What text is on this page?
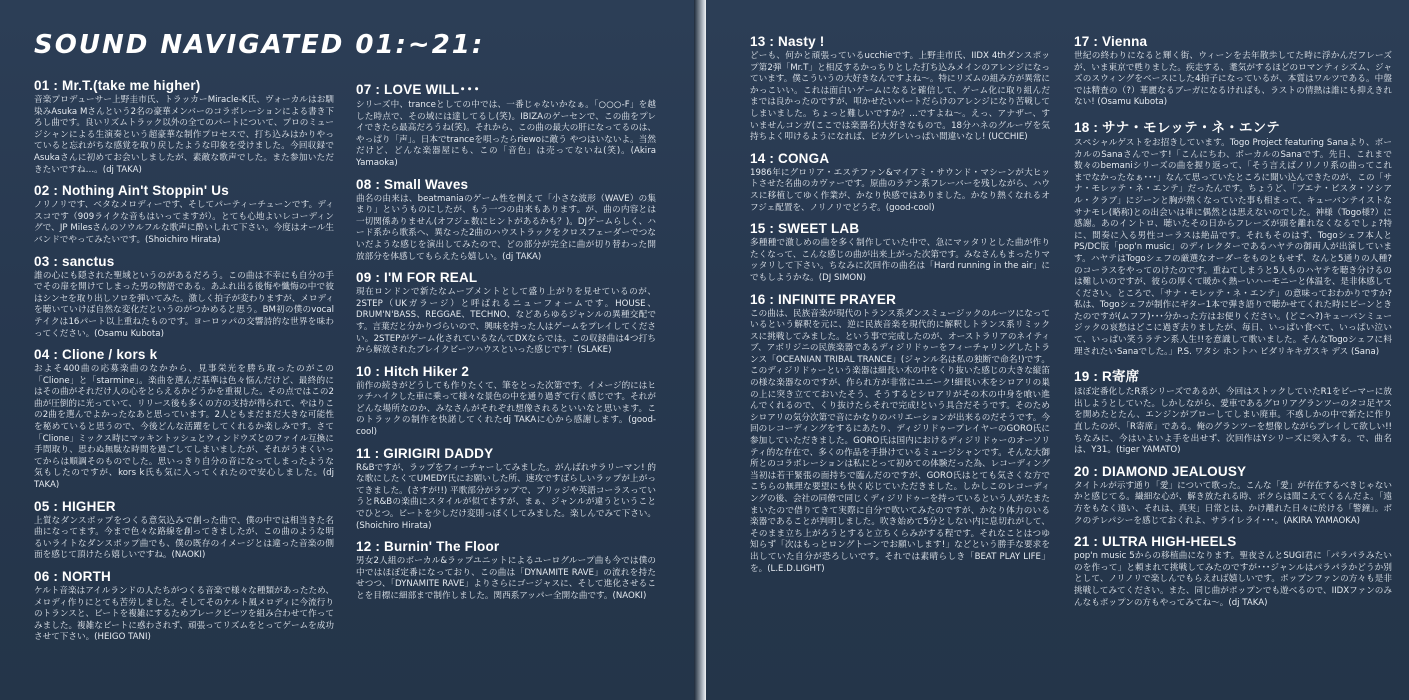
SOUND NAVIGATED 01:~21:
01 : Mr.T.(take me higher)

音楽プロデューサー上野圭市氏、トラッカーMiracle-K氏、ヴォーカルはお馴染みAsuka Mさんという2名の豪華メンバーのコラボレーションによる書き下ろし曲です。良いリズムトラック以外の全てのパートについて、プロのミュージシャンによる生演奏という超豪華な制作プロセスで、打ち込みはかりやっていると忘れがちな感覚を取り戻したような印象を受けました。今回収録でAsukaさんに初めてお会いしましたが、素敵な歌声でした。また参加いただきたいですね…。(dj TAKA)

02 : Nothing Ain't Stoppin' Us

ノリノリです、ベタなメロディーです、そしてパーティーチューンです。ディスコです（909ライクな音もはいってますが）。とても心地よいレコーディングで、JP Milesさんのソウルフルな歌声に酔いしれて下さい。今度はオール生バンドでやってみたいです。(Shoichiro Hirata)

03 : sanctus

誰の心にも隠された聖域というのがあるだろう。この曲は不幸にも自分の手でその扉を開けてしまった男の物語である。あふれ出る後悔や懺悔の中で彼はシンセを取り出しソロを弾いてみた。激しく拍子が変わりますが、メロディを聴いていけば自然な変化だというのがつかめると思う。BM初の僕のvocalテイクは16パート以上重ねたものです。ヨーロッパの交響詩的な世界を味わってください。(Osamu Kubota)

04 : Clione / kors k

およそ400曲の応募楽曲のなかから、見事栄光を勝ち取ったのがこの「Clione」と「starmine」。楽曲を選んだ基準は色々悩んだけど、最終的にはその曲がそれだけ人の心をとらえるかどうかを重視した。その点ではこの2曲が圧倒的に光っていて、リリース後も多くの方の支持が得られて、やはりこの2曲を選んでよかったなあと思っています。2人ともまだまだ大きな可能性を秘めていると思うので、今後どんな活躍をしてくれるか楽しみです。さて「Clione」ミックス時にマッキントッシュとウィンドウズとのファイル互換に手間取り、思わぬ無駄な時間を過ごしてしまいましたが、それがうまくいってからは順調そのものでした。思いっきり自分の音になってしまったような気もしたのですが、kors k氏も気に入ってくれたので安心しました。(dj TAKA)

05 : HIGHER

上質なダンスポップをつくる意気込みで創った曲で、僕の中では相当きた名曲になってます。今まで色々な路線を創ってきましたが、この曲のような明るいライトなダンスポップ曲でも、僕の既存のイメージとは違った音楽の側面を感じて頂けたら嬉しいですね。(NAOKI)

06 : NORTH

ケルト音楽はアイルランドの人たちがつくる音楽で様々な種類があったため、メロディ作りにとても苦労しました。そしてそのケルト風メロディに今流行りのトランスと、ビートを複雑にするためブレークビーツを組み合わせて作ってみました。複雑なビートに惑わされず、頑張ってリズムをとってゲームを成功させて下さい。(HEIGO TANI)

07 : LOVE WILL･･･

シリーズ中、tranceとしての中では、一番じゃないかなぁ。「○○○-F」を越した時点で、その域には達してるし(笑)。IBIZAのゲーセンで、この曲をプレイできたら最高だろうね(笑)。それから、この曲の最大の肝になってるのは、やっぱり「声」。日本でtranceを唄ったらriewoに敵う やつはいないよ。当然だけど、どんな楽器屋にも、この「音色」は売ってないね(笑)。(Akira Yamaoka)

08 : Small Waves

曲名の由来は、beatmaniaのゲーム性を例えて「小さな波形（WAVE）の集まり」というものにしたが、もう一つの由来もあります。が、曲の内容とは一切関係ありません(オフジェ数にヒントがあるかも？)。DJゲームらしく、ハード系から歌系へ、異なった2曲のハウストラックをクロスフェーダーでつないだような感じを演出してみたので、どの部分が完全に曲が切り替わった開放部分を体感してもらえたら嬉しい。(dj TAKA)

09 : I'M FOR REAL

現在ロンドンで新たなムーブメントとして盛り上がりを見せているのが、2STEP（UKガラージ）と呼ばれるニューフォームです。HOUSE、DRUM'N'BASS、REGGAE、TECHNO、などあらゆるジャンルの異種交配です。言葉だと分かりづらいので、興味を持った人はゲームをプレイしてください。2STEPがゲーム化されているなんてDXならでは。この収録曲は4つ打ちから解放されたブレイクビーツハウスといった感じです！(SLAKE)

10 : Hitch Hiker 2

前作の続きがどうしても作りたくて、筆をとった次第です。イメージ的にはヒッチハイクした車に乗って様々な景色の中を通り過ぎて行く感じです。それがどんな場所なのか、みなさんがそれぞれ想像されるといいなと思います。このトラックの制作を快諾してくれたdj TAKAに心から感謝します。(good-cool)

11 : GIRIGIRI DADDY

R&Bですが、ラップをフィーチャーしてみました。がんばれサラリーマン! 的な歌にしたくてUMEDY氏にお願いした所、速攻ですばらしいラップが上がってきました。(さすが!!) 平歌部分がラップで、ブリッジや英語コーラスっていうとR&Bの楽曲にスタイルが似てますが、まぁ、ジャンルが違うということでひとつ。ビートを少しだけ変則っぽくしてみました。楽しんでみて下さい。(Shoichiro Hirata)

12 : Burnin' The Floor

男女2人組のボーカル&ラップユニットによるユーログループ曲も今では僕の中ではほぼ定番になっており、この曲は「DYNAMITE RAVE」の流れを持たせつつ、「DYNAMITE RAVE」よりさらにゴージャスに、そして進化させることを目標に細部まで制作しました。関西系アッパー全開な曲です。(NAOKI)

13 : Nasty !

どーも、何かと頑張っているucchieです。上野圭市氏、IIDX 4thダンスポップ第2弾「Mr.T」と相反するかっちりとした打ち込みメインのアレンジになっています。僕こういうの大好きなんですよね〜。特にリズムの組み方が異常にかっこいい。これは面白いゲームになると確信して、ゲーム化に取り組んだまでは良かったのですが、叩かせたいパートだらけのアレンジになり苦戦してしまいました。ちょっと難しいですか？…ですよね〜。えっ、アナザー、すいませんコンガ(ここでは楽器名)大好きなもので。18分ハネのグルーヴを気持ちよく叩けるようになれば、ピカグレいっぱい間違いなし! (UCCHIE)

14 : CONGA

1986年にグロリア・エステファン&マイアミ・サウンド・マシーンが大ヒットさせた名曲のカヴァーです。原曲のラテン系フレーバーを残しながら、ハウスに移植してゆく作業が、かなり快感ではありました。かなり熱くなれるオフジェ配置を、ノリノリでどうぞ。(good-cool)

15 : SWEET LAB

多種種で激しめの曲を多く制作していた中で、急にマッタリとした曲が作りたくなって、こんな感じの曲が出来上がった次第です。みなさんもまったりマッタリして下さい。ちなみに次回作の曲名は「Hard running in the air」にでもしようかな。(DJ SIMON)

16 : INFINITE PRAYER

この曲は、民族音楽が現代のトランス系ダンスミュージックのルーツになっているという解釈を元に、逆に民族音楽を現代的に解釈しトランス系リミックスに挑戦してみました。という事で完成したのが、オーストラリアのネイティブ、アボリジニの民族楽器であるディジリドゥーをフィーチャリングしたトランス「OCEANIAN TRIBAL TRANCE」(ジャンル名は私の独断で命名!)です。このディジリドゥーという楽器は細長い木の中をくり抜いた感じの大きな縦笛の様な楽器なのですが、作られ方が非常にユニーク!細長い木をシロアリの巣の上に突き立てておいたそう、そうするとシロアリがその木の中身を喰い進んでくれるので、くり抜けたらそれで完成!という具合だそうです。そのためシロアリの気分次第で音にかなりのバリエーションが出来るのだそうです。今回のレコーディングをするにあたり、ディジリドゥープレイヤーのGORO氏に参加していただきました。GORO氏は国内におけるディジリドゥーのオーソリティ的な存在で、多くの作品を手掛けているミュージシャンです。そんな大御所とのコラボレーションは私にとって初めての体験だった為、レコーディング当初は若干緊張の面持ちで臨んだのですが、GORO氏はとても気さくな方でこちらの無理な要望にも快く応じていただきました。しかしこのレコーディングの後、会社の同僚で同じくディジリドゥーを持っているという人がたまたまいたので借りてきて実際に自分で吹いてみたのですが、かなり体力のいる楽器であることが判明しました。吹き始めて5分としない内に息切れがして、そのまま立ち上がろうとすると立ちくらみがする程です。それなことはつゆ知らず「次はもっとロングトーンでお願いします!」などという勝手な要求を出していた自分が恐ろしいです。それでは素晴らしき「BEAT PLAY LIFE」を。(L.E.D.LIGHT)

17 : Vienna

世紀の終わりになると輝く街、ウィーンを去年散歩してた時に浮かんだフレーズが、いま東京で甦りました。疾走する、耄気がするほどのロマンティシズム、ジャズのスウィングをベースにした4拍子になっているが、本質はワルツである。中盤では精査の（?）華麗なるブーガになるければも、ラストの情熱は誰にも抑えきれない! (Osamu Kubota)

18 : サナ・モレッテ・ネ・エンテ

スペシャルゲストをお招きしています。Togo Project featuring Sanaより、ボーカルのSanaさんでーす!「こんにちわ、ボーカルのSanaです。先日、これまで数々のbemaniシリーズの曲を握り返って、「そう言えばノリノリ系の曲ってこれまでなかったなぁ･･･」なんて思っていたところに聞い込んできたのが、この「サナ・モレッテ・ネ・エンテ」だったんです。ちょうど、「ブエナ・ビスタ・ソシアル・クラブ」にジーンと胸が熱くなっていた事も相まって、キューバンテイストなサナモレ(略称)との出会いは単に偶然とは思えないのでした。神様（Togo様?）に感謝。あのイントロ、聴いたその日からフレーズが頭を離れなくなるでしょ?特に、間奏に入る男性コーラスは絶品です。それもそのはず、Togoシェフ本人とPS/DC版「pop'n music」のディレクターであるハヤテの御両人が出演しています。ハヤテはTogoシェフの厳選なオーダーをものともせず、なんと5通りの人種?のコーラスをやってのけたのです。重ねてしまうと5人ものハヤテを聴き分けるのは難しいのですが、彼らの厚くて暖かく熱ーいハーモニーと体温を、是非体感してください。ところで、「サナ・モレッテ・ネ・エンテ」の意味っておわかりですか?私は、Togoシェフが制作にギター1本で弾き語りで聴かせてくれた時にピーンときたのですが(ムフフ)･･･分かった方はお便りください。(どこへ?)キューバンミュージックの哀愁はどこに過ぎ去りましたが、毎日、いっぱい食べて、いっぱい泣いて、いっぱい笑うラテン系人生!!を意識して歌いました。そんなTogoシェフに料理されたいSanaでした。」P.S. ワタシ ホントハ ビダリキキガスキ デス (Sana)

19 : R寄席

ほぼ定番化したR系シリーズであるが、今回はストックしていたR1をビーマーに放出しようとしていた。しかしながら、愛車であるグロリアグランツーのタコ足ヤスを開めたとたん、エンジンがブローしてしまい廃車。不惑しかの中で新たに作り直したのが、「R寄席」である。俺のグランツーを想像しながらプレイして欲しい!!ちなみに、今はいよいよ手を出せず、次回作はYシリーズに突入する。で、曲名は、Y31。(tiger YAMATO)

20 : DIAMOND JEALOUSY

タイトルが示す通り「愛」について歌った。こんな「愛」が存在するべきじゃないかと感じてる。繊細な心が、解き放たれる時、ボクらは聞こえてくるんだよ。「遠方をもなく遠い、それは、真実」日常とは、かけ離れた日々に於ける「警鐘」。ボクのテレパシーを感じておくれよ、サライレライ･･･。(AKIRA YAMAOKA)

21 : ULTRA HIGH-HEELS

pop'n music 5からの移植曲になります。聖夜さんとSUGI君に「パラパラみたいのを作って」と頼まれて挑戦してみたのですが･･･ジャンルはパラパラかどうか別として、ノリノリで楽しんでもらえれば嬉しいです。ポップンファンの方々も是非挑戦してみてください。また、同じ曲がポップンでも遊べるので、IIDXファンのみんなもポップンの方もやってみてね〜。(dj TAKA)
